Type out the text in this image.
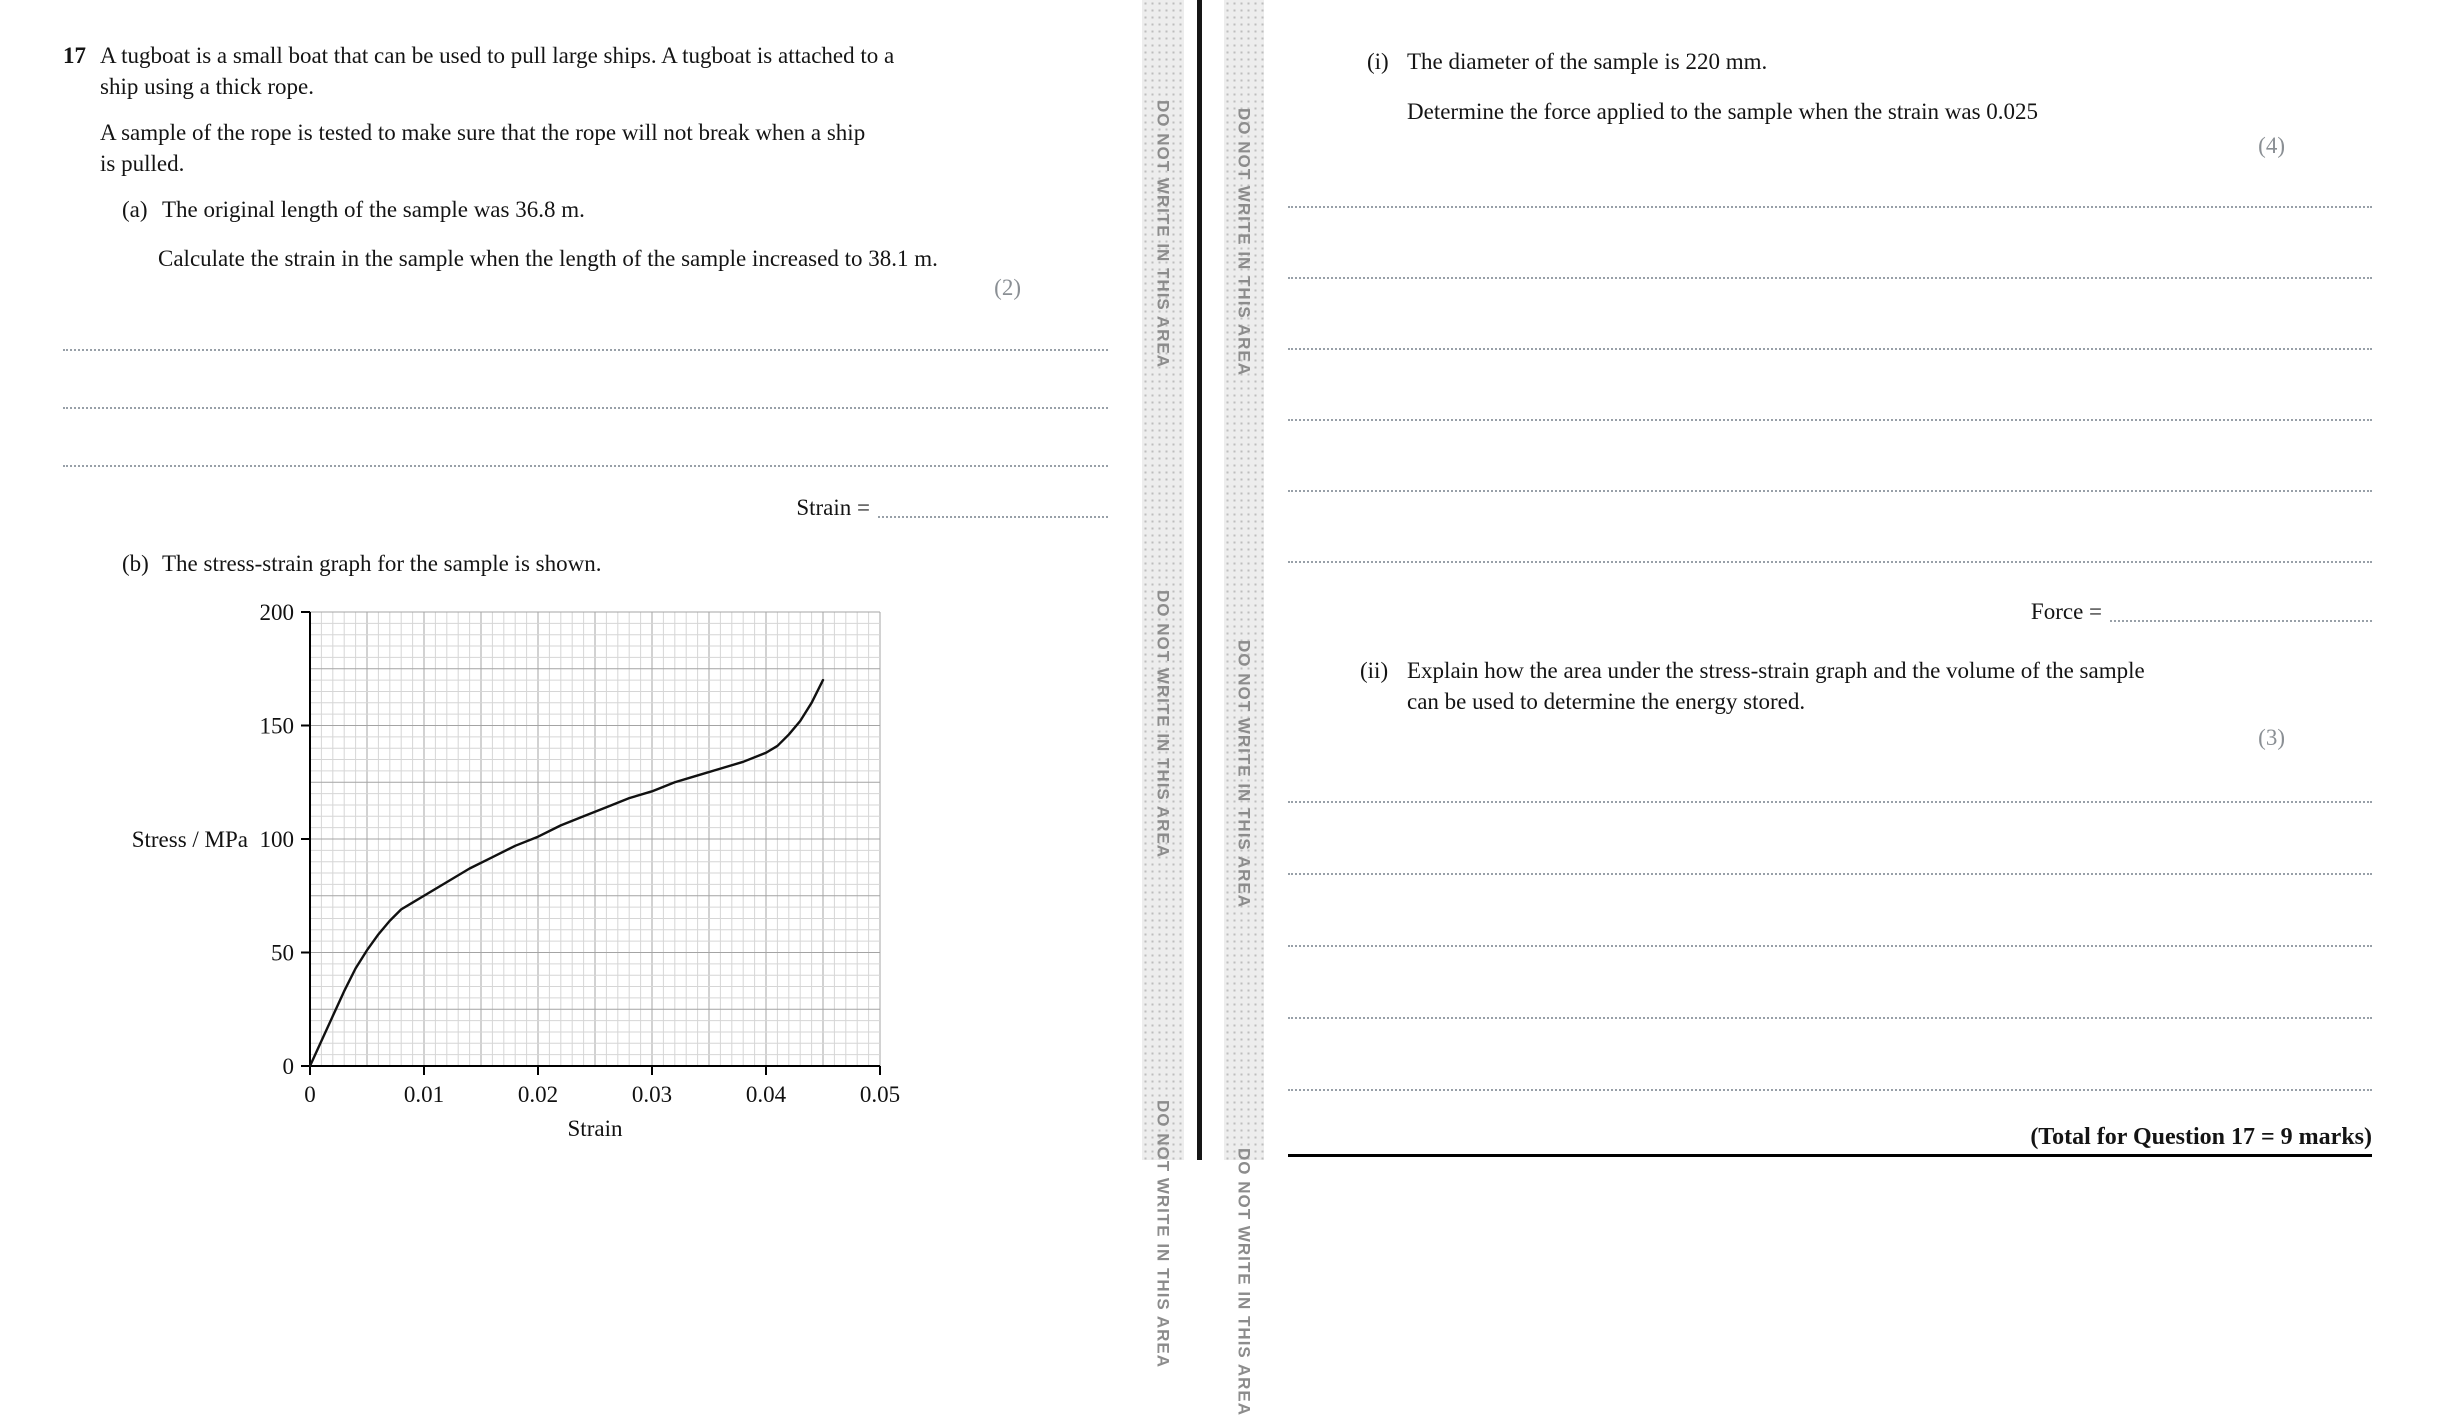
17 A tugboat is a small boat that can be used to pull large ships. A tugboat is attached to a
ship using a thick rope.
A sample of the rope is tested to make sure that the rope will not break when a ship
is pulled.
(a) The original length of the sample was 36.8 m.
Calculate the strain in the sample when the length of the sample increased to 38.1 m.
(2)
Strain =
(b) The stress-strain graph for the sample is shown.
0
50
100
150
200
0	0.01	0.02	0.03	0.04	0.05
Stress / MPa
Strain
DO NOT WRITE IN THIS AREA
DO NOT WRITE IN THIS AREA
DO NOT WRITE IN THIS AREA
DO NOT WRITE IN THIS AREA
DO NOT WRITE IN THIS AREA
DO NOT WRITE IN THIS AREA
(i) The diameter of the sample is 220 mm.
Determine the force applied to the sample when the strain was 0.025
(4)
Force =
(ii) Explain how the area under the stress-strain graph and the volume of the sample
can be used to determine the energy stored.
(3)
(Total for Question 17 = 9 marks)
